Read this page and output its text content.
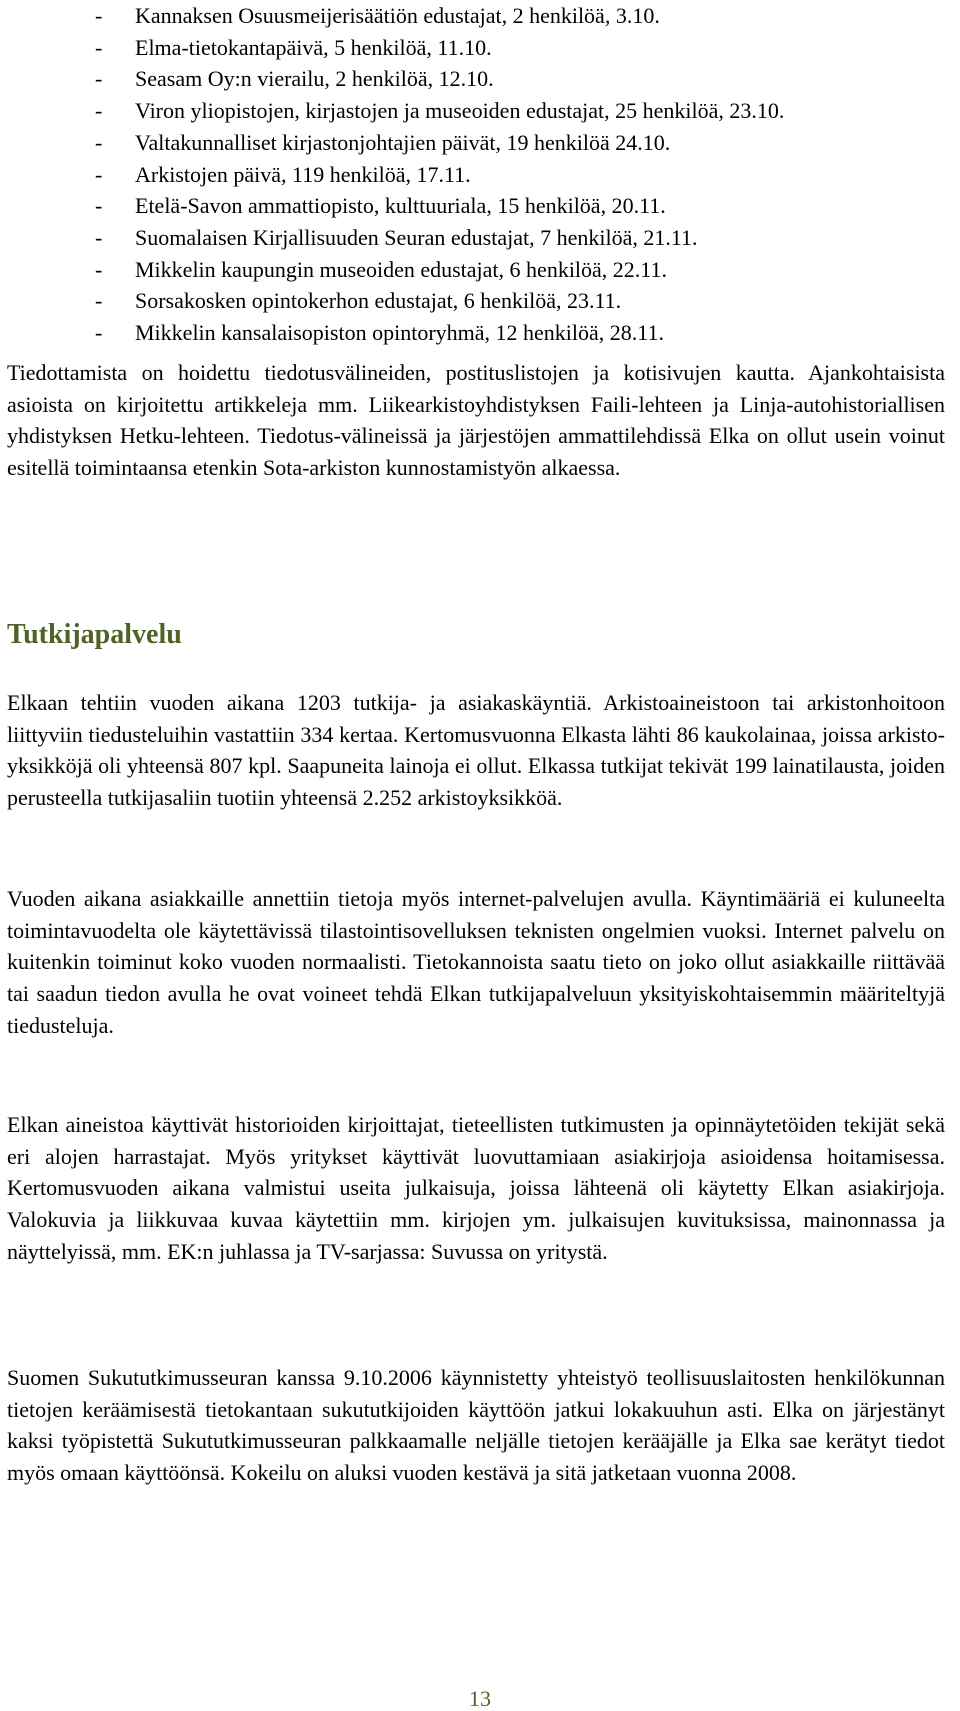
- Kannaksen Osuusmeijerisäätiön edustajat, 2 henkilöä, 3.10.
- Elma-tietokantapäivä, 5 henkilöä, 11.10.
- Seasam Oy:n vierailu, 2 henkilöä, 12.10.
- Viron yliopistojen, kirjastojen ja museoiden edustajat, 25 henkilöä, 23.10.
- Valtakunnalliset kirjastonjohtajien päivät, 19 henkilöä 24.10.
- Arkistojen päivä, 119 henkilöä, 17.11.
- Etelä-Savon ammattiopisto, kulttuuriala, 15 henkilöä, 20.11.
- Suomalaisen Kirjallisuuden Seuran edustajat, 7 henkilöä, 21.11.
- Mikkelin kaupungin museoiden edustajat, 6 henkilöä, 22.11.
- Sorsakosken opintokerhon edustajat, 6 henkilöä, 23.11.
- Mikkelin kansalaisopiston opintoryhmä, 12 henkilöä, 28.11.

Tiedottamista on hoidettu tiedotusvälineiden, postituslistojen ja kotisivujen kautta. Ajankohtaisista asioista on kirjoitettu artikkeleja mm. Liikearkistoyhdistyksen Faili-lehteen ja Linja-autohistoriallisen yhdistyksen Hetku-lehteen. Tiedotus-välineissä ja järjestöjen ammattilehdissä Elka on ollut usein voinut esitellä toimintaansa etenkin Sota-arkiston kunnostamistyön alkaessa.

Tutkijapalvelu

Elkaan tehtiin vuoden aikana 1203 tutkija- ja asiakaskäyntiä. Arkistoaineistoon tai arkistonhoitoon liittyviin tiedusteluihin vastattiin 334 kertaa. Kertomusvuonna Elkasta lähti 86 kaukolainaa, joissa arkisto-yksikköjä oli yhteensä 807 kpl. Saapuneita lainoja ei ollut. Elkassa tutkijat tekivät 199 lainatilausta, joiden perusteella tutkijasaliin tuotiin yhteensä 2.252 arkistoyksikköä.

Vuoden aikana asiakkaille annettiin tietoja myös internet-palvelujen avulla. Käyntimääriä ei kuluneelta toimintavuodelta ole käytettävissä tilastointisovelluksen teknisten ongelmien vuoksi. Internet palvelu on kuitenkin toiminut koko vuoden normaalisti. Tietokannoista saatu tieto on joko ollut asiakkaille riittävää tai saadun tiedon avulla he ovat voineet tehdä Elkan tutkijapalveluun yksityiskohtaisemmin määriteltyjä tiedusteluja.

Elkan aineistoa käyttivät historioiden kirjoittajat, tieteellisten tutkimusten ja opinnäytetöiden tekijät sekä eri alojen harrastajat. Myös yritykset käyttivät luovuttamiaan asiakirjoja asioidensa hoitamisessa. Kertomusvuoden aikana valmistui useita julkaisuja, joissa lähteenä oli käytetty Elkan asiakirjoja. Valokuvia ja liikkuvaa kuvaa käytettiin mm. kirjojen ym. julkaisujen kuvituksissa, mainonnassa ja näyttelyissä, mm. EK:n juhlassa ja TV-sarjassa: Suvussa on yritystä.

Suomen Sukututkimusseuran kanssa 9.10.2006 käynnistetty yhteistyö teollisuuslaitosten henkilökunnan tietojen keräämisestä tietokantaan sukututkijoiden käyttöön jatkui lokakuuhun asti. Elka on järjestänyt kaksi työpistettä Sukututkimusseuran palkkaamalle neljälle tietojen kerääjälle ja Elka sae kerätyt tiedot myös omaan käyttöönsä. Kokeilu on aluksi vuoden kestävä ja sitä jatketaan vuonna 2008.

13
